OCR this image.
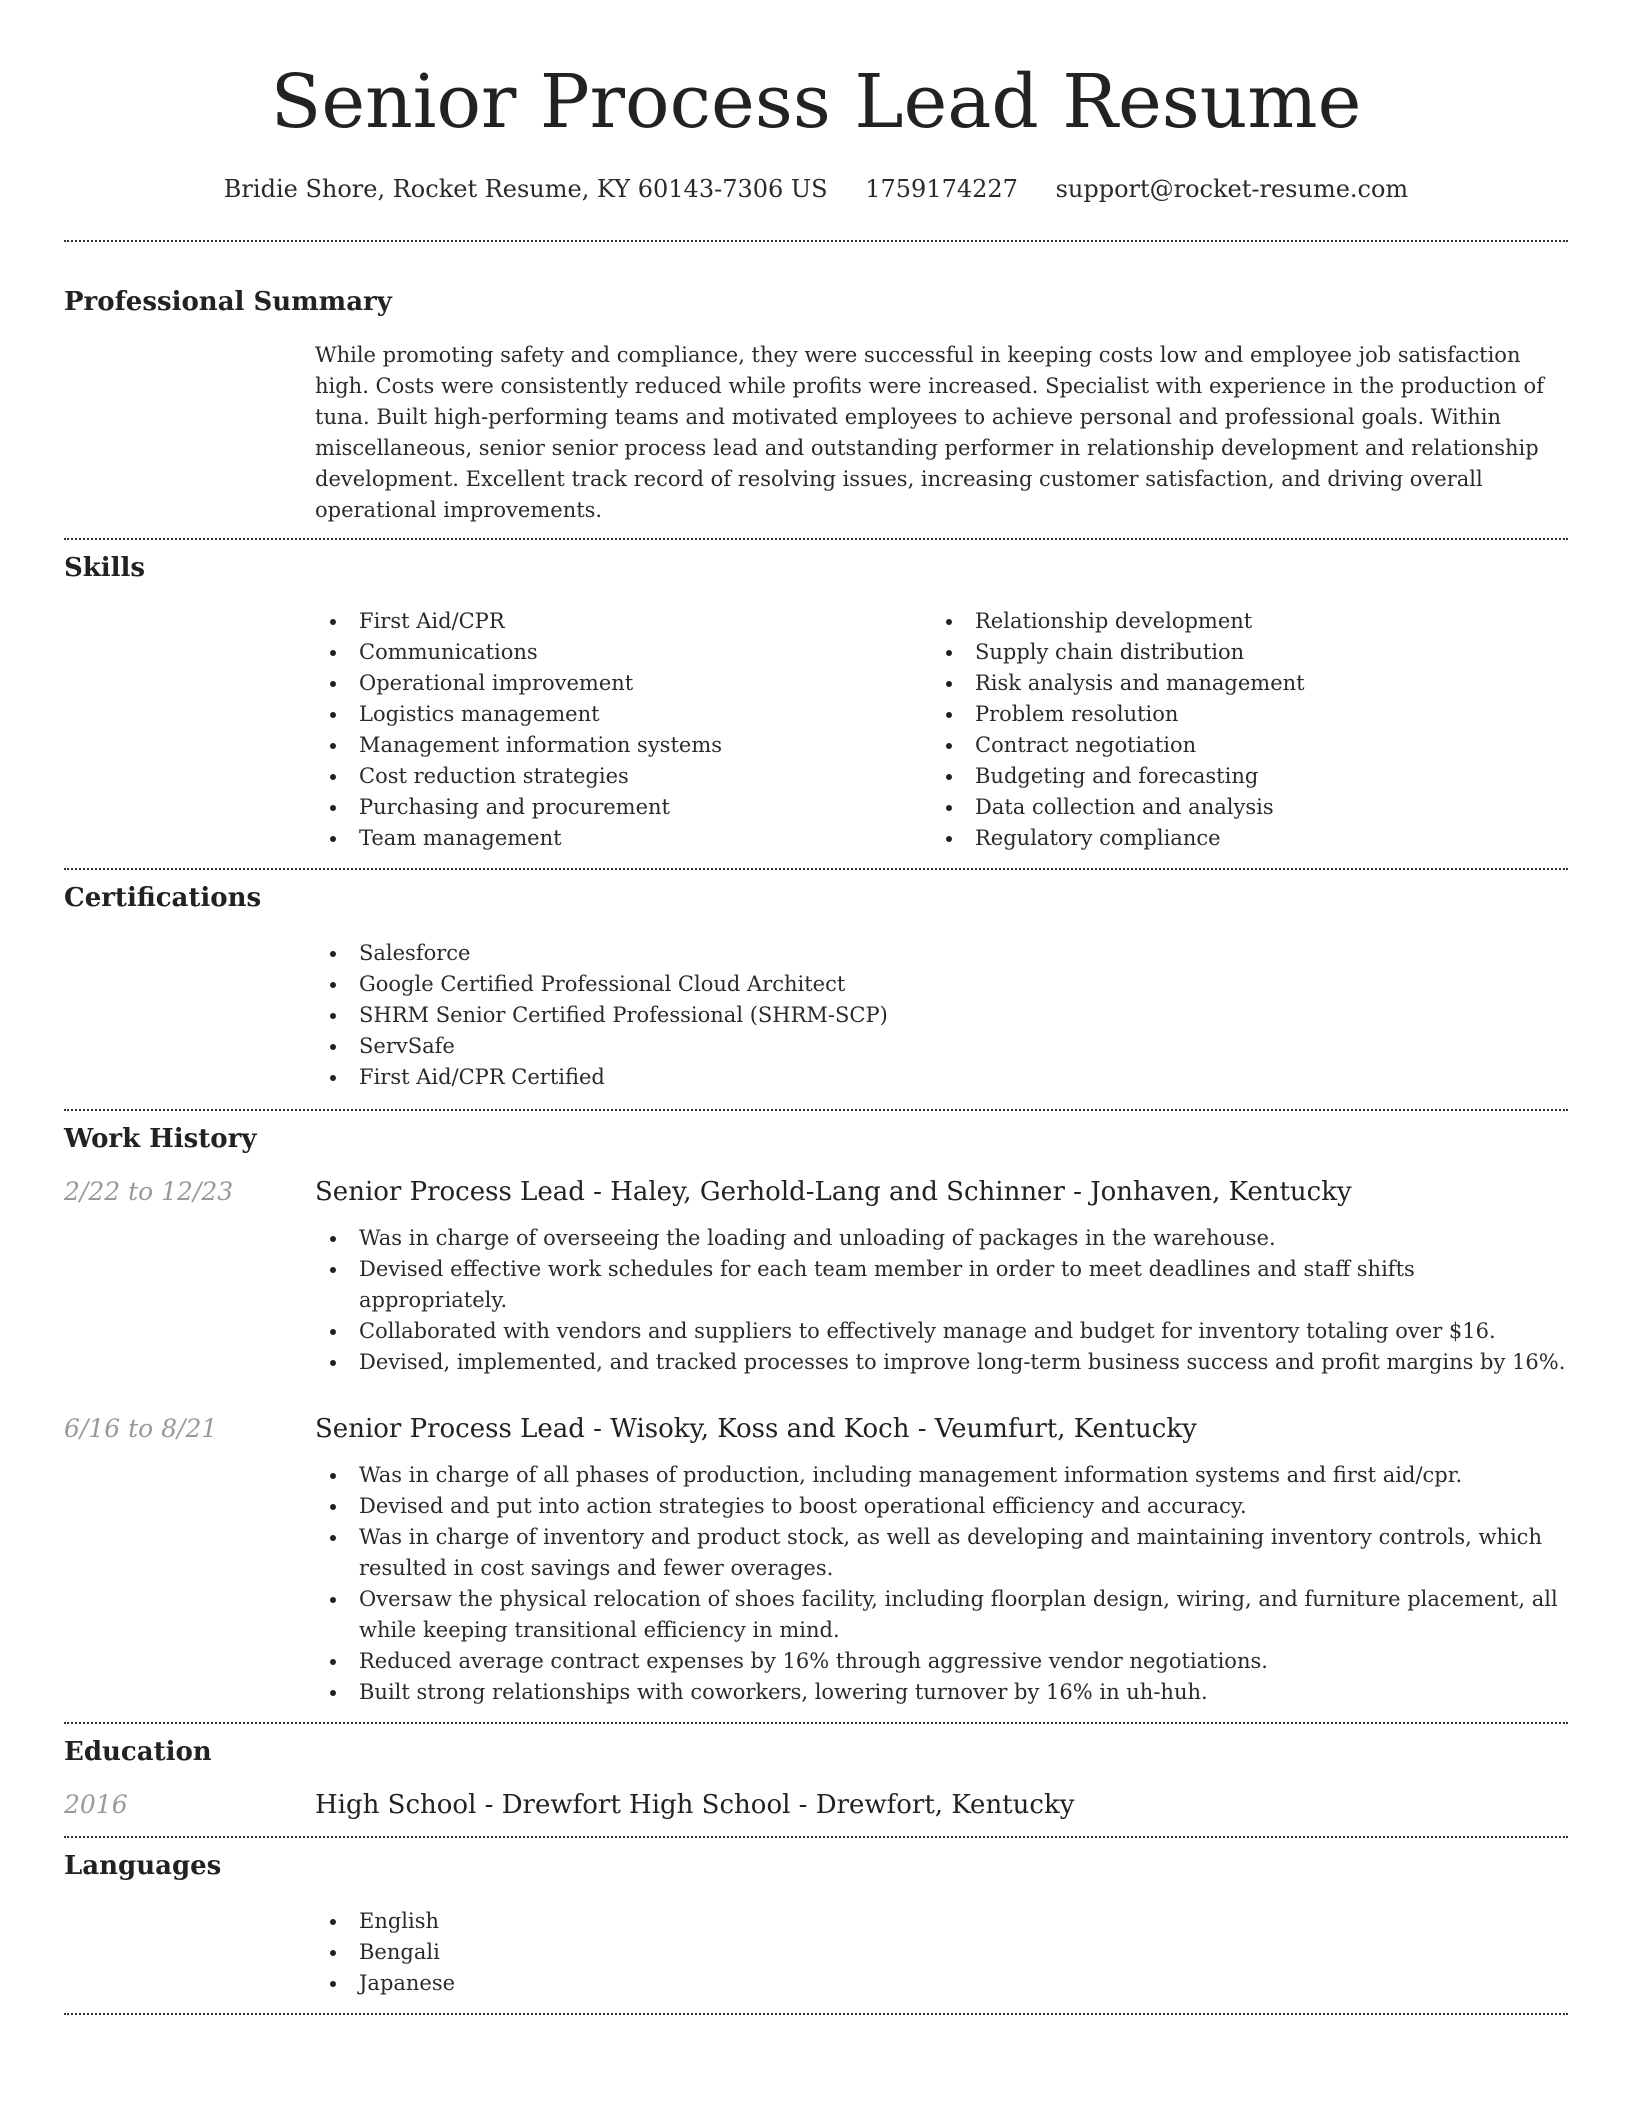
Senior Process Lead Resume
Bridie Shore, Rocket Resume, KY 60143-7306 US 1759174227 support@rocket-resume.com
Professional Summary

While promoting safety and compliance, they were successful in keeping costs low and employee job satisfaction high. Costs were consistently reduced while profits were increased. Specialist with experience in the production of tuna. Built high-performing teams and motivated employees to achieve personal and professional goals. Within miscellaneous, senior senior process lead and outstanding performer in relationship development and relationship development. Excellent track record of resolving issues, increasing customer satisfaction, and driving overall operational improvements.

Skills
First Aid/CPR
Communications
Operational improvement
Logistics management
Management information systems
Cost reduction strategies
Purchasing and procurement
Team management
Relationship development
Supply chain distribution
Risk analysis and management
Problem resolution
Contract negotiation
Budgeting and forecasting
Data collection and analysis
Regulatory compliance
Certifications
Salesforce
Google Certified Professional Cloud Architect
SHRM Senior Certified Professional (SHRM-SCP)
ServSafe
First Aid/CPR Certified
Work History
2/22 to 12/23	Senior Process Lead - Haley, Gerhold-Lang and Schinner - Jonhaven, Kentucky
Was in charge of overseeing the loading and unloading of packages in the warehouse.
Devised effective work schedules for each team member in order to meet deadlines and staff shifts appropriately.
Collaborated with vendors and suppliers to effectively manage and budget for inventory totaling over $16.
Devised, implemented, and tracked processes to improve long-term business success and profit margins by 16%.
6/16 to 8/21	Senior Process Lead - Wisoky, Koss and Koch - Veumfurt, Kentucky
Was in charge of all phases of production, including management information systems and first aid/cpr.
Devised and put into action strategies to boost operational efficiency and accuracy.
Was in charge of inventory and product stock, as well as developing and maintaining inventory controls, which resulted in cost savings and fewer overages.
Oversaw the physical relocation of shoes facility, including floorplan design, wiring, and furniture placement, all while keeping transitional efficiency in mind.
Reduced average contract expenses by 16% through aggressive vendor negotiations.
Built strong relationships with coworkers, lowering turnover by 16% in uh-huh.
Education
2016	High School - Drewfort High School - Drewfort, Kentucky
Languages
English
Bengali
Japanese
